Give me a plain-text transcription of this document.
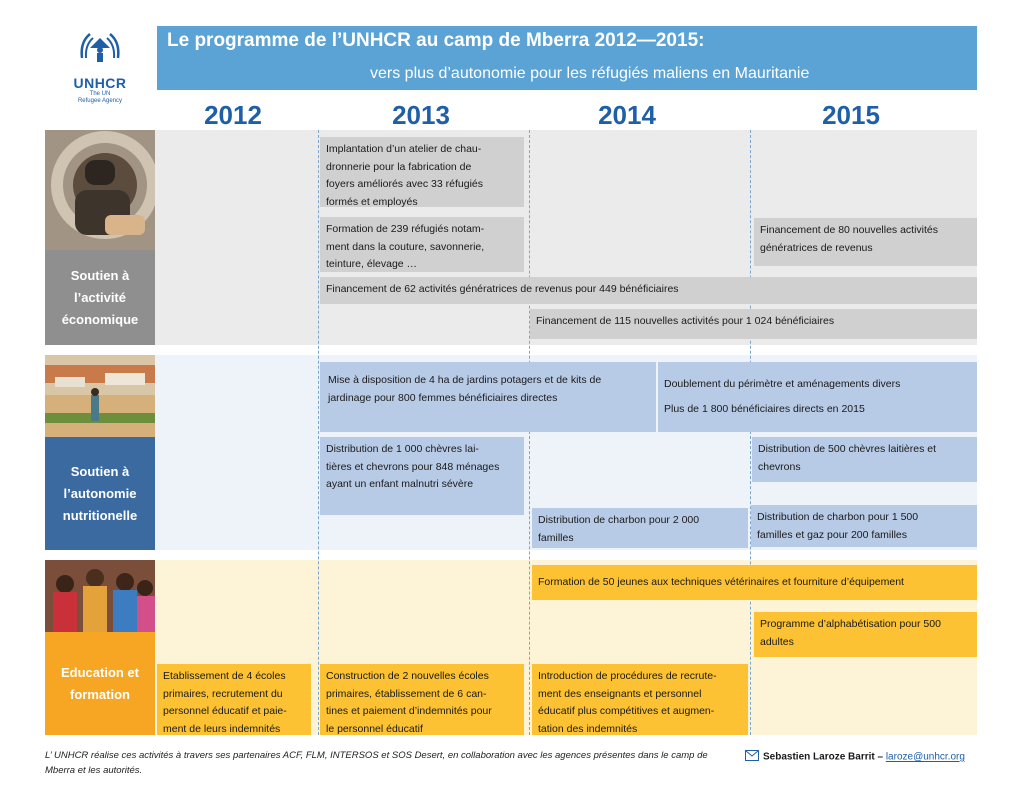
UNHCR
The UN
Refugee Agency
Le programme de l’UNHCR au camp de Mberra 2012—2015:
vers plus d’autonomie pour les réfugiés maliens en Mauritanie
2012	2013	2014	2015
Soutien à
l’activité
économique
Implantation d’un atelier de chau-
dronnerie pour la fabrication de
foyers améliorés avec 33 réfugiés
formés et employés
Formation de 239 réfugiés notam-
ment dans la couture, savonnerie,
teinture, élevage …
Financement de 80 nouvelles activités
génératrices de revenus
Financement de 62 activités génératrices de revenus pour 449 bénéficiaires
Financement de 115 nouvelles activités pour 1 024 bénéficiaires
Soutien à
l’autonomie
nutritionelle
Mise à disposition de 4 ha de jardins potagers et de kits de
jardinage pour 800 femmes bénéficiaires directes
Doublement du périmètre et aménagements divers
Plus de 1 800 bénéficiaires directs en 2015
Distribution de 1 000 chèvres lai-
tières et chevrons pour 848 ménages
ayant un enfant malnutri sévère
Distribution de 500 chèvres laitières et
chevrons
Distribution de charbon pour 2 000
familles
Distribution de charbon pour 1 500
familles et gaz pour 200 familles
Education et
formation
Formation de 50 jeunes aux techniques vétérinaires et fourniture d’équipement
Programme d’alphabétisation pour 500
adultes
Etablissement de 4 écoles
primaires, recrutement du
personnel éducatif et paie-
ment de leurs indemnités
Construction de 2 nouvelles écoles
primaires, établissement de 6 can-
tines et paiement d’indemnités pour
le personnel éducatif
Introduction de procédures de recrute-
ment des enseignants et personnel
éducatif plus compétitives et augmen-
tation des indemnités
L’ UNHCR réalise ces activités à travers ses partenaires ACF, FLM, INTERSOS et SOS Desert, en collaboration avec les agences présentes dans le camp de Mberra et les autorités.
Sebastien Laroze Barrit – laroze@unhcr.org
